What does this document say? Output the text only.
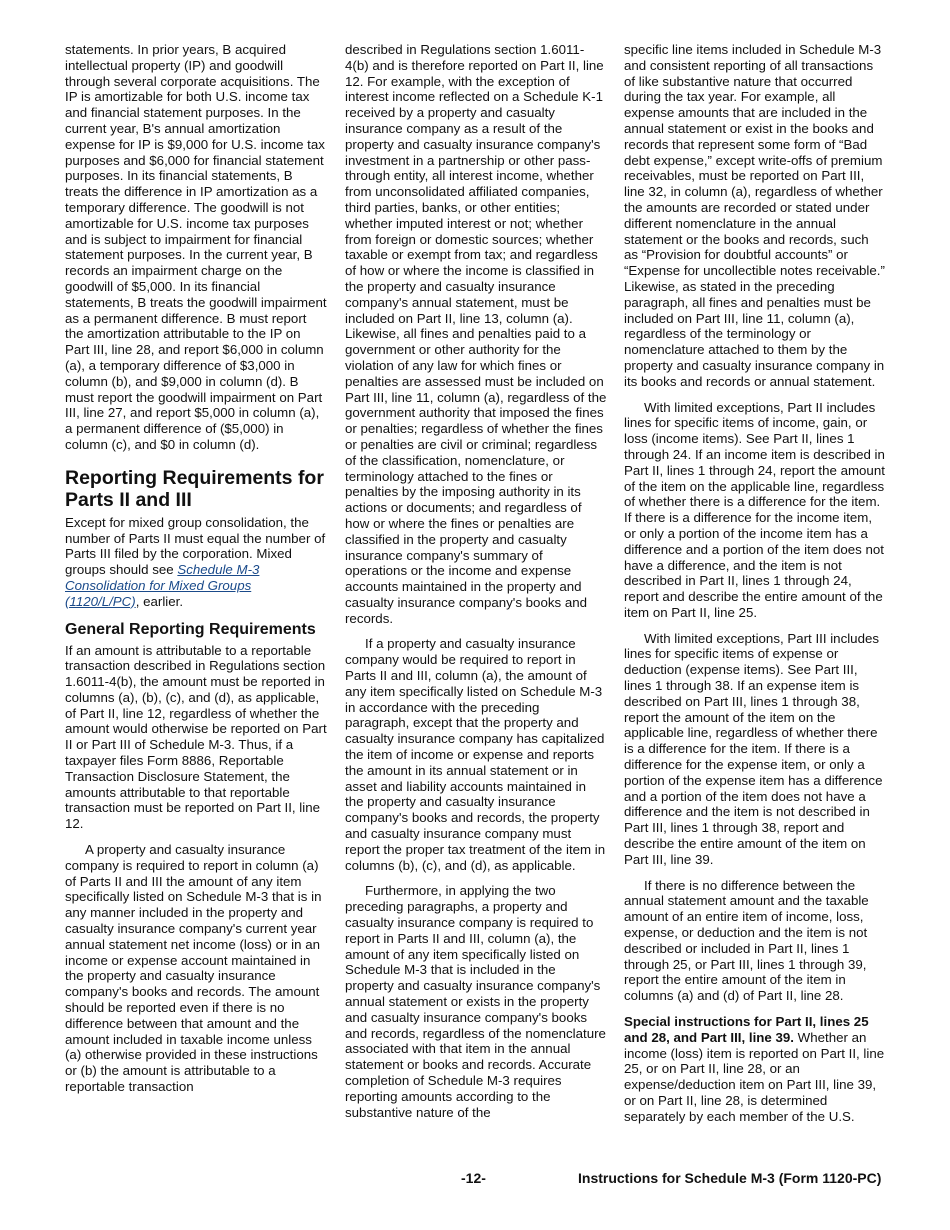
statements. In prior years, B acquired intellectual property (IP) and goodwill through several corporate acquisitions. The IP is amortizable for both U.S. income tax and financial statement purposes. In the current year, B's annual amortization expense for IP is $9,000 for U.S. income tax purposes and $6,000 for financial statement purposes. In its financial statements, B treats the difference in IP amortization as a temporary difference. The goodwill is not amortizable for U.S. income tax purposes and is subject to impairment for financial statement purposes. In the current year, B records an impairment charge on the goodwill of $5,000. In its financial statements, B treats the goodwill impairment as a permanent difference. B must report the amortization attributable to the IP on Part III, line 28, and report $6,000 in column (a), a temporary difference of $3,000 in column (b), and $9,000 in column (d). B must report the goodwill impairment on Part III, line 27, and report $5,000 in column (a), a permanent difference of ($5,000) in column (c), and $0 in column (d).

Reporting Requirements for Parts II and III

Except for mixed group consolidation, the number of Parts II must equal the number of Parts III filed by the corporation. Mixed groups should see Schedule M-3 Consolidation for Mixed Groups (1120/L/PC), earlier.

General Reporting Requirements

If an amount is attributable to a reportable transaction described in Regulations section 1.6011-4(b), the amount must be reported in columns (a), (b), (c), and (d), as applicable, of Part II, line 12, regardless of whether the amount would otherwise be reported on Part II or Part III of Schedule M-3. Thus, if a taxpayer files Form 8886, Reportable Transaction Disclosure Statement, the amounts attributable to that reportable transaction must be reported on Part II, line 12.

A property and casualty insurance company is required to report in column (a) of Parts II and III the amount of any item specifically listed on Schedule M-3 that is in any manner included in the property and casualty insurance company's current year annual statement net income (loss) or in an income or expense account maintained in the property and casualty insurance company's books and records. The amount should be reported even if there is no difference between that amount and the amount included in taxable income unless (a) otherwise provided in these instructions or (b) the amount is attributable to a reportable transaction

described in Regulations section 1.6011-4(b) and is therefore reported on Part II, line 12. For example, with the exception of interest income reflected on a Schedule K-1 received by a property and casualty insurance company as a result of the property and casualty insurance company's investment in a partnership or other pass-through entity, all interest income, whether from unconsolidated affiliated companies, third parties, banks, or other entities; whether imputed interest or not; whether from foreign or domestic sources; whether taxable or exempt from tax; and regardless of how or where the income is classified in the property and casualty insurance company's annual statement, must be included on Part II, line 13, column (a). Likewise, all fines and penalties paid to a government or other authority for the violation of any law for which fines or penalties are assessed must be included on Part III, line 11, column (a), regardless of the government authority that imposed the fines or penalties; regardless of whether the fines or penalties are civil or criminal; regardless of the classification, nomenclature, or terminology attached to the fines or penalties by the imposing authority in its actions or documents; and regardless of how or where the fines or penalties are classified in the property and casualty insurance company's summary of operations or the income and expense accounts maintained in the property and casualty insurance company's books and records.

If a property and casualty insurance company would be required to report in Parts II and III, column (a), the amount of any item specifically listed on Schedule M-3 in accordance with the preceding paragraph, except that the property and casualty insurance company has capitalized the item of income or expense and reports the amount in its annual statement or in asset and liability accounts maintained in the property and casualty insurance company's books and records, the property and casualty insurance company must report the proper tax treatment of the item in columns (b), (c), and (d), as applicable.

Furthermore, in applying the two preceding paragraphs, a property and casualty insurance company is required to report in Parts II and III, column (a), the amount of any item specifically listed on Schedule M-3 that is included in the property and casualty insurance company's annual statement or exists in the property and casualty insurance company's books and records, regardless of the nomenclature associated with that item in the annual statement or books and records. Accurate completion of Schedule M-3 requires reporting amounts according to the substantive nature of the

specific line items included in Schedule M-3 and consistent reporting of all transactions of like substantive nature that occurred during the tax year. For example, all expense amounts that are included in the annual statement or exist in the books and records that represent some form of “Bad debt expense,” except write-offs of premium receivables, must be reported on Part III, line 32, in column (a), regardless of whether the amounts are recorded or stated under different nomenclature in the annual statement or the books and records, such as “Provision for doubtful accounts” or “Expense for uncollectible notes receivable.” Likewise, as stated in the preceding paragraph, all fines and penalties must be included on Part III, line 11, column (a), regardless of the terminology or nomenclature attached to them by the property and casualty insurance company in its books and records or annual statement.

With limited exceptions, Part II includes lines for specific items of income, gain, or loss (income items). See Part II, lines 1 through 24. If an income item is described in Part II, lines 1 through 24, report the amount of the item on the applicable line, regardless of whether there is a difference for the item. If there is a difference for the income item, or only a portion of the income item has a difference and a portion of the item does not have a difference, and the item is not described in Part II, lines 1 through 24, report and describe the entire amount of the item on Part II, line 25.

With limited exceptions, Part III includes lines for specific items of expense or deduction (expense items). See Part III, lines 1 through 38. If an expense item is described on Part III, lines 1 through 38, report the amount of the item on the applicable line, regardless of whether there is a difference for the item. If there is a difference for the expense item, or only a portion of the expense item has a difference and a portion of the item does not have a difference and the item is not described in Part III, lines 1 through 38, report and describe the entire amount of the item on Part III, line 39.

If there is no difference between the annual statement amount and the taxable amount of an entire item of income, loss, expense, or deduction and the item is not described or included in Part II, lines 1 through 25, or Part III, lines 1 through 39, report the entire amount of the item in columns (a) and (d) of Part II, line 28.

Special instructions for Part II, lines 25 and 28, and Part III, line 39. Whether an income (loss) item is reported on Part II, line 25, or on Part II, line 28, or an expense/deduction item on Part III, line 39, or on Part II, line 28, is determined separately by each member of the U.S.

-12-	Instructions for Schedule M-3 (Form 1120-PC)
